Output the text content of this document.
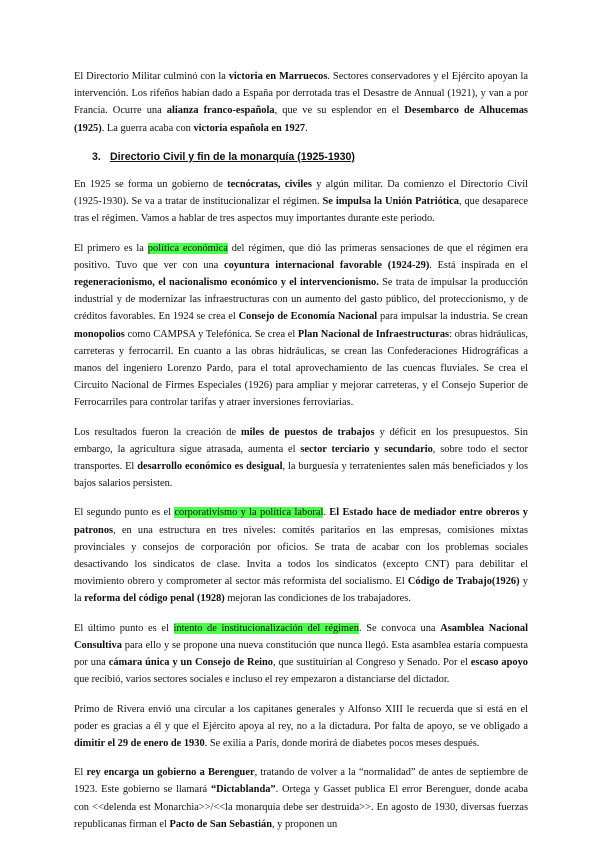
El Directorio Militar culminó con la victoria en Marruecos. Sectores conservadores y el Ejército apoyan la intervención. Los rifeños habían dado a España por derrotada tras el Desastre de Annual (1921), y van a por Francia. Ocurre una alianza franco-española, que ve su esplendor en el Desembarco de Alhucemas (1925). La guerra acaba con victoria española en 1927.

3. Directorio Civil y fin de la monarquía (1925-1930)

En 1925 se forma un gobierno de tecnócratas, civiles y algún militar. Da comienzo el Directorio Civil (1925-1930). Se va a tratar de institucionalizar el régimen. Se impulsa la Unión Patriótica, que desaparece tras el régimen. Vamos a hablar de tres aspectos muy importantes durante este periodo.

El primero es la política económica del régimen, que dió las primeras sensaciones de que el régimen era positivo. Tuvo que ver con una coyuntura internacional favorable (1924-29). Está inspirada en el regeneracionismo, el nacionalismo económico y el intervencionismo. Se trata de impulsar la producción industrial y de modernizar las infraestructuras con un aumento del gasto público, del proteccionismo, y de créditos favorables. En 1924 se crea el Consejo de Economía Nacional para impulsar la industria. Se crean monopolios como CAMPSA y Telefónica. Se crea el Plan Nacional de Infraestructuras: obras hidráulicas, carreteras y ferrocarril. En cuanto a las obras hidráulicas, se crean las Confederaciones Hidrográficas a manos del ingeniero Lorenzo Pardo, para el total aprovechamiento de las cuencas fluviales. Se crea el Circuito Nacional de Firmes Especiales (1926) para ampliar y mejorar carreteras, y el Consejo Superior de Ferrocarriles para controlar tarifas y atraer inversiones ferroviarias.

Los resultados fueron la creación de miles de puestos de trabajos y déficit en los presupuestos. Sin embargo, la agricultura sigue atrasada, aumenta el sector terciario y secundario, sobre todo el sector transportes. El desarrollo económico es desigual, la burguesía y terratenientes salen más beneficiados y los bajos salarios persisten.

El segundo punto es el corporativismo y la política laboral. El Estado hace de mediador entre obreros y patronos, en una estructura en tres niveles: comités paritarios en las empresas, comisiones mixtas provinciales y consejos de corporación por oficios. Se trata de acabar con los problemas sociales desactivando los sindicatos de clase. Invita a todos los sindicatos (excepto CNT) para debilitar el movimiento obrero y comprometer al sector más reformista del socialismo. El Código de Trabajo(1926) y la reforma del código penal (1928) mejoran las condiciones de los trabajadores.

El último punto es el intento de institucionalización del régimen. Se convoca una Asamblea Nacional Consultiva para ello y se propone una nueva constitución que nunca llegó. Esta asamblea estaría compuesta por una cámara única y un Consejo de Reino, que sustituirían al Congreso y Senado. Por el escaso apoyo que recibió, varios sectores sociales e incluso el rey empezaron a distanciarse del dictador.

Primo de Rivera envió una circular a los capitanes generales y Alfonso XIII le recuerda que si está en el poder es gracias a él y que el Ejército apoya al rey, no a la dictadura. Por falta de apoyo, se ve obligado a dimitir el 29 de enero de 1930. Se exilia a París, donde morirá de diabetes pocos meses después.

El rey encarga un gobierno a Berenguer, tratando de volver a la “normalidad” de antes de septiembre de 1923. Este gobierno se llamará “Dictablanda”. Ortega y Gasset publica El error Berenguer, donde acaba con <<delenda est Monarchia>>/<<la monarquía debe ser destruida>>. En agosto de 1930, diversas fuerzas republicanas firman el Pacto de San Sebastián, y proponen un
